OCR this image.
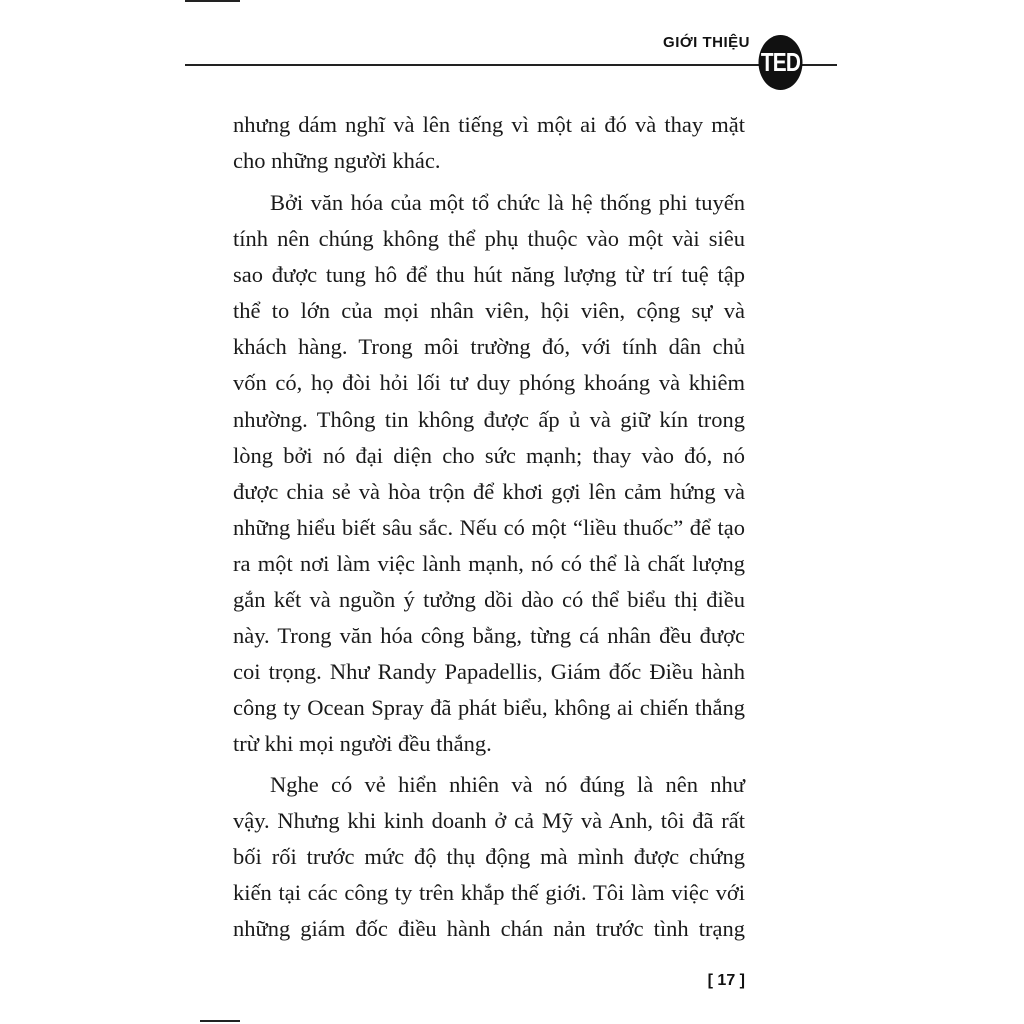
GIỚI THIỆU
TED
nhưng dám nghĩ và lên tiếng vì một ai đó và thay mặt
cho những người khác.
Bởi văn hóa của một tổ chức là hệ thống phi tuyến
tính nên chúng không thể phụ thuộc vào một vài siêu
sao được tung hô để thu hút năng lượng từ trí tuệ tập
thể to lớn của mọi nhân viên, hội viên, cộng sự và
khách hàng. Trong môi trường đó, với tính dân chủ
vốn có, họ đòi hỏi lối tư duy phóng khoáng và khiêm
nhường. Thông tin không được ấp ủ và giữ kín trong
lòng bởi nó đại diện cho sức mạnh; thay vào đó, nó
được chia sẻ và hòa trộn để khơi gợi lên cảm hứng và
những hiểu biết sâu sắc. Nếu có một “liều thuốc” để tạo
ra một nơi làm việc lành mạnh, nó có thể là chất lượng
gắn kết và nguồn ý tưởng dồi dào có thể biểu thị điều
này. Trong văn hóa công bằng, từng cá nhân đều được
coi trọng. Như Randy Papadellis, Giám đốc Điều hành
công ty Ocean Spray đã phát biểu, không ai chiến thắng
trừ khi mọi người đều thắng.
Nghe có vẻ hiển nhiên và nó đúng là nên như
vậy. Nhưng khi kinh doanh ở cả Mỹ và Anh, tôi đã rất
bối rối trước mức độ thụ động mà mình được chứng
kiến tại các công ty trên khắp thế giới. Tôi làm việc với
những giám đốc điều hành chán nản trước tình trạng
[ 17 ]
